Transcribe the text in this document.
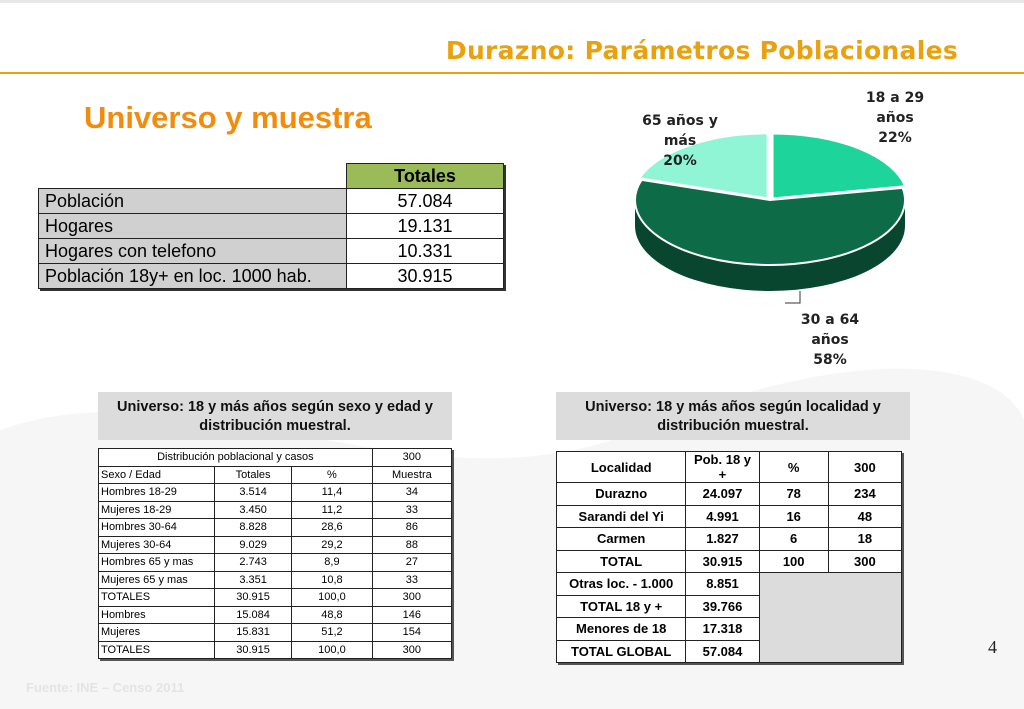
Durazno: Parámetros Poblacionales
Universo y muestra
	Totales
Población	57.084
Hogares	19.131
Hogares con telefono	10.331
Población 18y+ en loc. 1000 hab.	30.915
18 a 29 años 22%
30 a 64 años 58%
65 años y más 20%
Universo: 18 y más años según sexo y edad y distribución muestral.
Universo: 18 y más años según localidad y distribución muestral.
Distribución poblacional y casos			300
Sexo / Edad	Totales	%	Muestra
Hombres 18-29	3.514	11,4	34
Mujeres 18-29	3.450	11,2	33
Hombres 30-64	8.828	28,6	86
Mujeres 30-64	9.029	29,2	88
Hombres 65 y mas	2.743	8,9	27
Mujeres 65 y mas	3.351	10,8	33
TOTALES	30.915	100,0	300
Hombres	15.084	48,8	146
Mujeres	15.831	51,2	154
TOTALES	30.915	100,0	300
Localidad	Pob. 18 y +	%	300
Durazno	24.097	78	234
Sarandi del Yi	4.991	16	48
Carmen	1.827	6	18
TOTAL	30.915	100	300
Otras loc. - 1.000	8.851		
TOTAL 18 y +	39.766		
Menores de 18	17.318		
TOTAL GLOBAL	57.084			4
Fuente: INE – Censo 2011
